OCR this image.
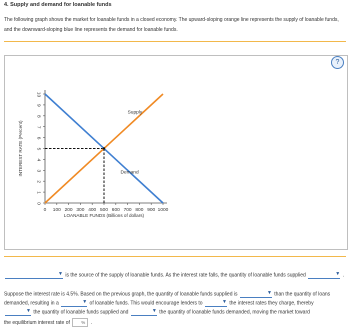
4. Supply and demand for loanable funds
The following graph shows the market for loanable funds in a closed economy. The upward-sloping orange line represents the supply of loanable funds, and the downward-sloping blue line represents the demand for loanable funds.
0
1
2
3
4
5
6
7
8
9
10
0 100 200 300 400 500 600 700 800 900 1000
LOANABLE FUNDS (Billions of dollars)
INTEREST RATE (Percent)
Supply
Demand
?
▼ is the source of the supply of loanable funds. As the interest rate falls, the quantity of loanable funds supplied	▼ .
Suppose the interest rate is 4.5%. Based on the previous graph, the quantity of loanable funds supplied is	▼ than the quantity of loans
demanded, resulting in a	▼ of loanable funds. This would encourage lenders to	▼ the interest rates they charge, thereby
▼ the quantity of loanable funds supplied and	▼ the quantity of loanable funds demanded, moving the market toward
the equilibrium interest rate of	% .
